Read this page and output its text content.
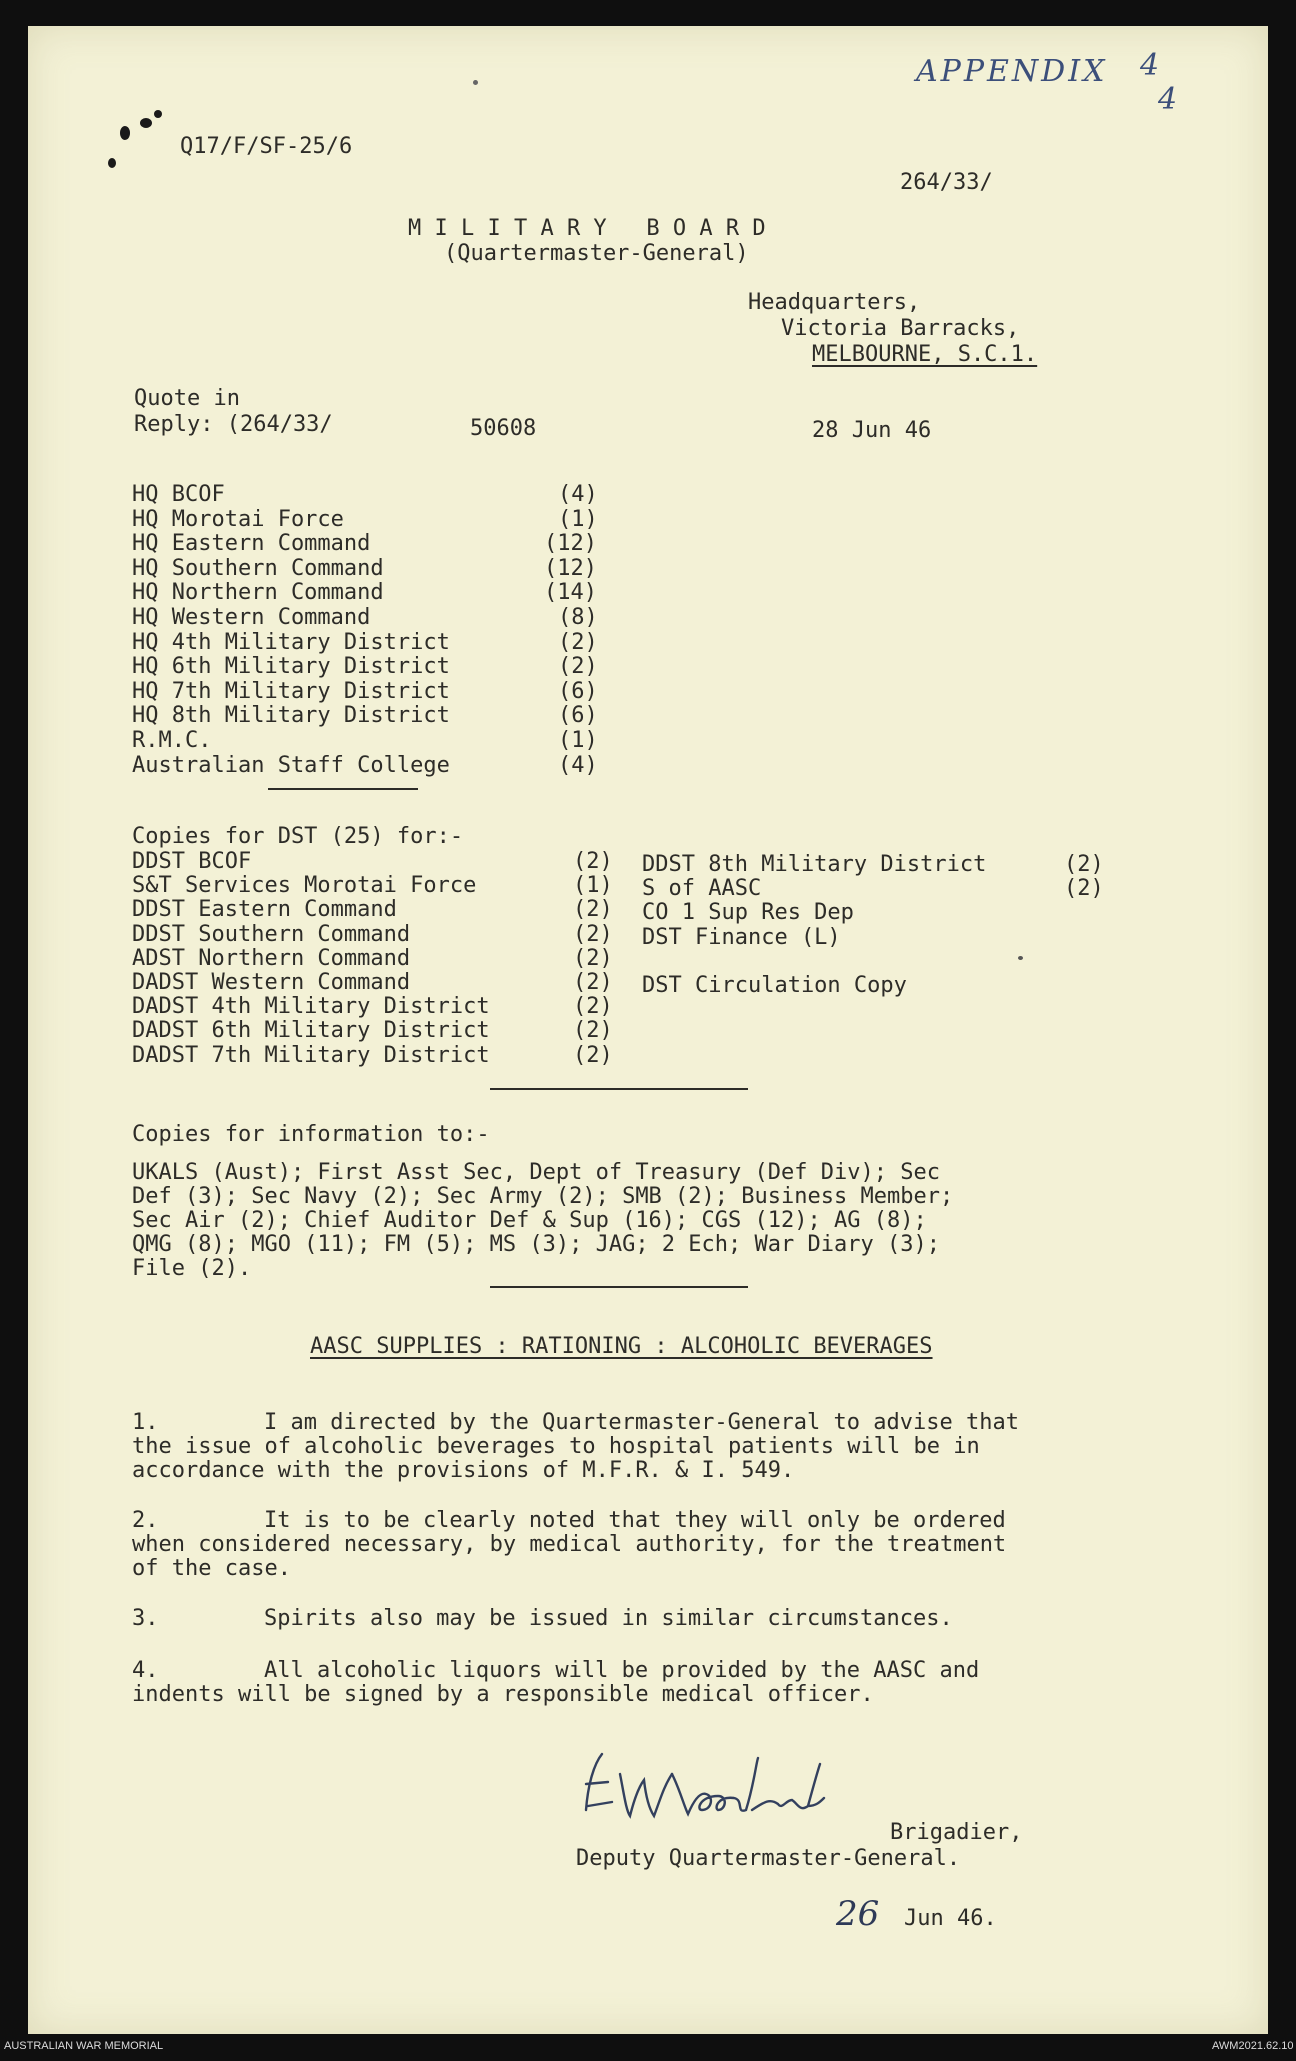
APPENDIX 4
4
Q17/F/SF-25/6
264/33/
M I L I T A R Y   B O A R D
(Quartermaster-General)
Headquarters,
Victoria Barracks,
MELBOURNE, S.C.1.
Quote in
Reply: (264/33/	50608	28 Jun 46
HQ BCOF	(4)
HQ Morotai Force	(1)
HQ Eastern Command	(12)
HQ Southern Command	(12)
HQ Northern Command	(14)
HQ Western Command	(8)
HQ 4th Military District	(2)
HQ 6th Military District	(2)
HQ 7th Military District	(6)
HQ 8th Military District	(6)
R.M.C.	(1)
Australian Staff College	(4)
Copies for DST (25) for:-
DDST BCOF	(2)
S&T Services Morotai Force	(1)
DDST Eastern Command	(2)
DDST Southern Command	(2)
ADST Northern Command	(2)
DADST Western Command	(2)
DADST 4th Military District	(2)
DADST 6th Military District	(2)
DADST 7th Military District	(2)
DDST 8th Military District	(2)
S of AASC	(2)
CO 1 Sup Res Dep
DST Finance (L)
DST Circulation Copy
Copies for information to:-
UKALS (Aust); First Asst Sec, Dept of Treasury (Def Div); Sec
Def (3); Sec Navy (2); Sec Army (2); SMB (2); Business Member;
Sec Air (2); Chief Auditor Def & Sup (16); CGS (12); AG (8);
QMG (8); MGO (11); FM (5); MS (3); JAG; 2 Ech; War Diary (3);
File (2).
AASC SUPPLIES : RATIONING : ALCOHOLIC BEVERAGES
1.	I am directed by the Quartermaster-General to advise that
the issue of alcoholic beverages to hospital patients will be in
accordance with the provisions of M.F.R. & I. 549.
2.	It is to be clearly noted that they will only be ordered
when considered necessary, by medical authority, for the treatment
of the case.
3.	Spirits also may be issued in similar circumstances.
4.	All alcoholic liquors will be provided by the AASC and
indents will be signed by a responsible medical officer.
E W Woodward
Brigadier,
Deputy Quartermaster-General.
26 Jun 46.
AUSTRALIAN WAR MEMORIAL	AWM2021.62.10
